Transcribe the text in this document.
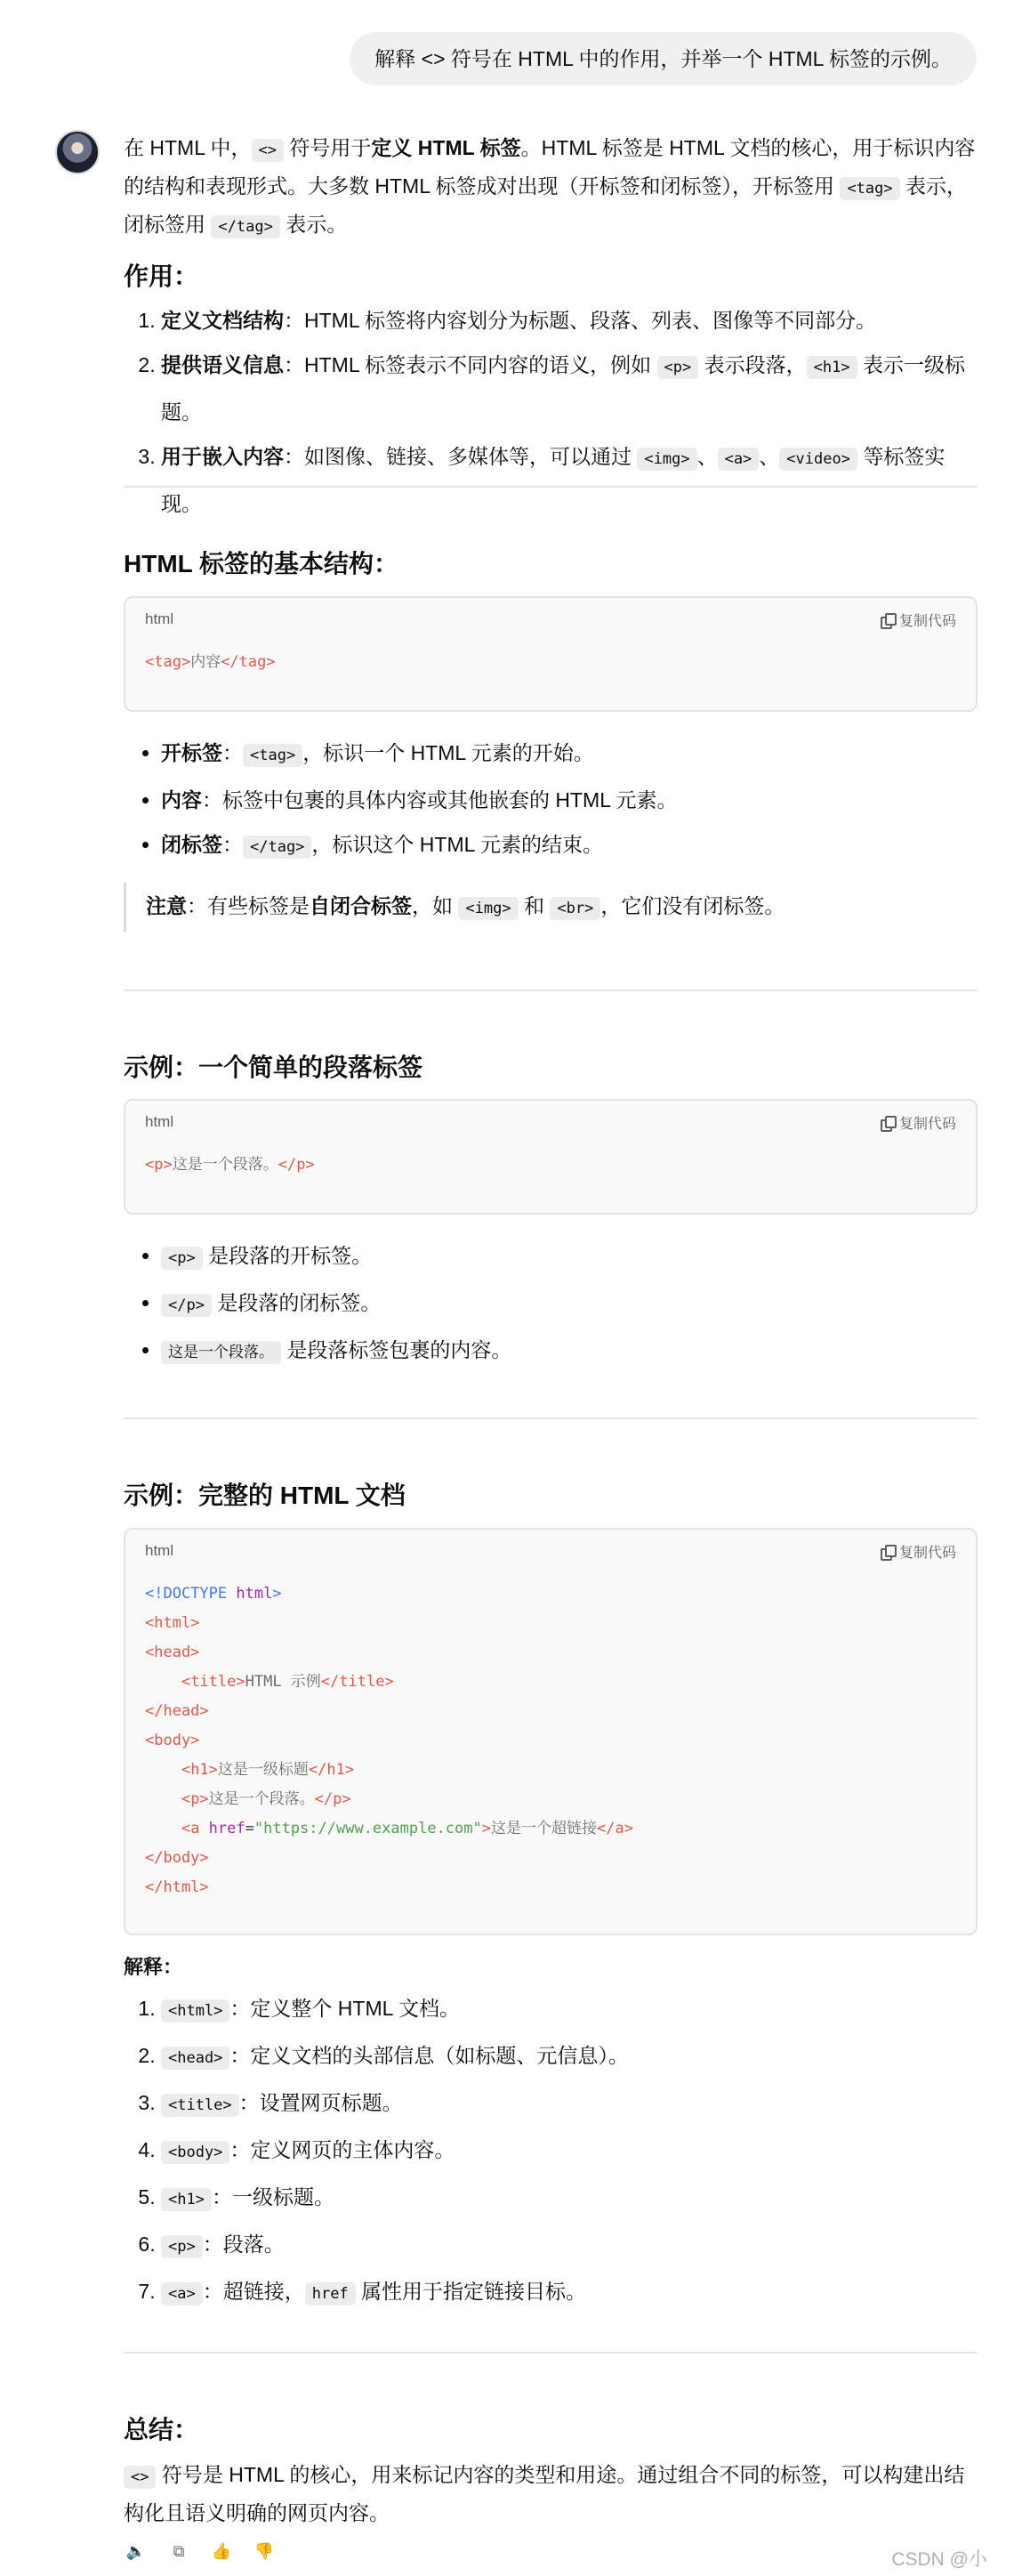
解释 <> 符号在 HTML 中的作用，并举一个 HTML 标签的示例。

在 HTML 中， <> 符号用于定义 HTML 标签。HTML 标签是 HTML 文档的核心，用于标识内容的结构和表现形式。大多数 HTML 标签成对出现（开标签和闭标签），开标签用 <tag> 表示，闭标签用 </tag> 表示。

作用：
1. 定义文档结构：HTML 标签将内容划分为标题、段落、列表、图像等不同部分。
2. 提供语义信息：HTML 标签表示不同内容的语义，例如 <p> 表示段落， <h1> 表示一级标题。
3. 用于嵌入内容：如图像、链接、多媒体等，可以通过 <img> 、 <a> 、 <video> 等标签实现。
HTML 标签的基本结构：
html	复制代码
<tag>内容</tag>
• 开标签： <tag> ，标识一个 HTML 元素的开始。
• 内容：标签中包裹的具体内容或其他嵌套的 HTML 元素。
• 闭标签： </tag> ，标识这个 HTML 元素的结束。
注意：有些标签是自闭合标签，如 <img> 和 <br> ，它们没有闭标签。
示例：一个简单的段落标签
html	复制代码
<p>这是一个段落。</p>
• <p> 是段落的开标签。
• </p> 是段落的闭标签。
• 这是一个段落。 是段落标签包裹的内容。
示例：完整的 HTML 文档
html	复制代码
<!DOCTYPE html>
<html>
<head>
<title>HTML 示例</title>
</head>
<body>
<h1>这是一级标题</h1>
<p>这是一个段落。</p>
<a href="https://www.example.com">这是一个超链接</a>
</body>
</html>
解释：
1. <html> ：定义整个 HTML 文档。
2. <head> ：定义文档的头部信息（如标题、元信息）。
3. <title> ：设置网页标题。
4. <body> ：定义网页的主体内容。
5. <h1> ：一级标题。
6. <p> ：段落。
7. <a> ：超链接， href 属性用于指定链接目标。
总结：

<> 符号是 HTML 的核心，用来标记内容的类型和用途。通过组合不同的标签，可以构建出结构化且语义明确的网页内容。

🔈 ⧉ 👍 👎	CSDN @小
